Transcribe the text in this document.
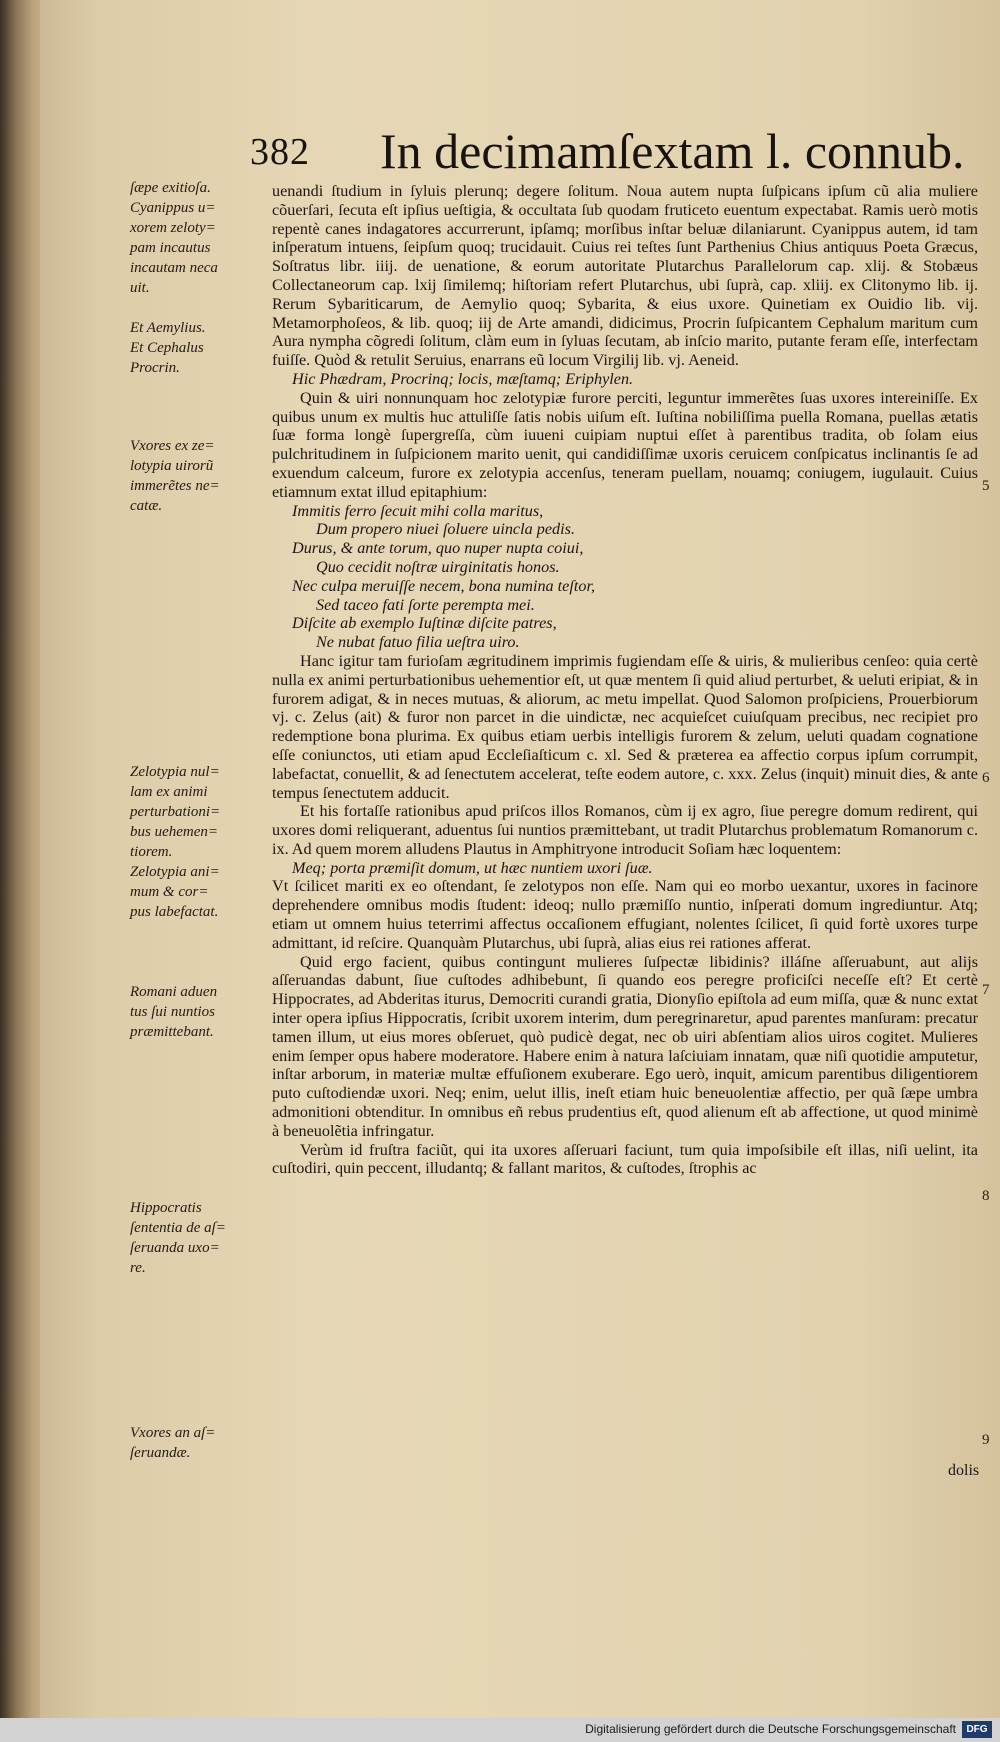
382 In decimamſextam l. connub.
ſæpe exitioſa.
Cyanippus u=
xorem zeloty=
pam incautus
incautam neca
uit.
Et Aemylius.
Et Cephalus
Procrin.
Vxores ex ze=
lotypia uirorũ
immerẽtes ne=
catæ.
Zelotypia nul=
lam ex animi
perturbationi=
bus uehemen=
tiorem.
Zelotypia ani=
mum & cor=
pus labefactat.
Romani aduen
tus ſui nuntios
præmittebant.
Hippocratis
ſententia de aſ=
ſeruanda uxo=
re.
Vxores an aſ=
ſeruandæ.

uenandi ſtudium in ſyluis plerunq; degere ſolitum. Noua autem nupta ſuſpicans ipſum cũ alia muliere cõuerſari, ſecuta eſt ipſius ueſtigia, & occultata ſub quodam fruticeto euentum expectabat. Ramis uerò motis repentè canes indagatores accurrerunt, ipſamq; morſibus inſtar beluæ dilaniarunt. Cyanippus autem, id tam inſperatum intuens, ſeipſum quoq; trucidauit. Cuius rei teſtes ſunt Parthenius Chius antiquus Poeta Græcus, Soſtratus libr. iiij. de uenatione, & eorum autoritate Plutarchus Parallelorum cap. xlij. & Stobæus Collectaneorum cap. lxij ſimilemq; hiſtoriam refert Plutarchus, ubi ſuprà, cap. xliij. ex Clitonymo lib. ij. Rerum Sybariticarum, de Aemylio quoq; Sybarita, & eius uxore. Quinetiam ex Ouidio lib. vij. Metamorphoſeos, & lib. quoq; iij de Arte amandi, didicimus, Procrin ſuſpicantem Cephalum maritum cum Aura nympha cõgredi ſolitum, clàm eum in ſyluas ſecutam, ab inſcio marito, putante feram eſſe, interfectam fuiſſe. Quòd & retulit Seruius, enarrans eũ locum Virgilij lib. vj. Aeneid.

Hic Phædram, Procrinq; locis, mæſtamq; Eriphylen.

Quin & uiri nonnunquam hoc zelotypiæ furore perciti, leguntur immerẽtes ſuas uxores intereiniſſe. Ex quibus unum ex multis huc attuliſſe ſatis nobis uiſum eſt. Iuſtina nobiliſſima puella Romana, puellas ætatis ſuæ forma longè ſupergreſſa, cùm iuueni cuipiam nuptui eſſet à parentibus tradita, ob ſolam eius pulchritudinem in ſuſpicionem marito uenit, qui candidiſſimæ uxoris ceruicem conſpicatus inclinantis ſe ad exuendum calceum, furore ex zelotypia accenſus, teneram puellam, nouamq; coniugem, iugulauit. Cuius etiamnum extat illud epitaphium:

Immitis ferro ſecuit mihi colla maritus,

Dum propero niuei ſoluere uincla pedis.

Durus, & ante torum, quo nuper nupta coiui,

Quo cecidit noſtræ uirginitatis honos.

Nec culpa meruiſſe necem, bona numina teſtor,

Sed taceo fati ſorte perempta mei.

Diſcite ab exemplo Iuſtinæ diſcite patres,

Ne nubat fatuo filia ueſtra uiro.

Hanc igitur tam furioſam ægritudinem imprimis fugiendam eſſe & uiris, & mulieribus cenſeo: quia certè nulla ex animi perturbationibus uehementior eſt, ut quæ mentem ſi quid aliud perturbet, & ueluti eripiat, & in furorem adigat, & in neces mutuas, & aliorum, ac metu impellat. Quod Salomon proſpiciens, Prouerbiorum vj. c. Zelus (ait) & furor non parcet in die uindictæ, nec acquieſcet cuiuſquam precibus, nec recipiet pro redemptione bona plurima. Ex quibus etiam uerbis intelligis furorem & zelum, ueluti quadam cognatione eſſe coniunctos, uti etiam apud Eccleſiaſticum c. xl. Sed & præterea ea affectio corpus ipſum corrumpit, labefactat, conuellit, & ad ſenectutem accelerat, teſte eodem autore, c. xxx. Zelus (inquit) minuit dies, & ante tempus ſenectutem adducit.

Et his fortaſſe rationibus apud priſcos illos Romanos, cùm ij ex agro, ſiue peregre domum redirent, qui uxores domi reliquerant, aduentus ſui nuntios præmittebant, ut tradit Plutarchus problematum Romanorum c. ix. Ad quem morem alludens Plautus in Amphitryone introducit Soſiam hæc loquentem:

Meq; porta præmiſit domum, ut hæc nuntiem uxori ſuæ.

Vt ſcilicet mariti ex eo oſtendant, ſe zelotypos non eſſe. Nam qui eo morbo uexantur, uxores in facinore deprehendere omnibus modis ſtudent: ideoq; nullo præmiſſo nuntio, inſperati domum ingrediuntur. Atq; etiam ut omnem huius teterrimi affectus occaſionem effugiant, nolentes ſcilicet, ſi quid fortè uxores turpe admittant, id reſcire. Quanquàm Plutarchus, ubi ſuprà, alias eius rei rationes afferat.

Quid ergo facient, quibus contingunt mulieres ſuſpectæ libidinis? illáſne aſſeruabunt, aut alijs aſſeruandas dabunt, ſiue cuſtodes adhibebunt, ſi quando eos peregre proficiſci neceſſe eſt? Et certè Hippocrates, ad Abderitas iturus, Democriti curandi gratia, Dionyſio epiſtola ad eum miſſa, quæ & nunc extat inter opera ipſius Hippocratis, ſcribit uxorem interim, dum peregrinaretur, apud parentes manſuram: precatur tamen illum, ut eius mores obſeruet, quò pudicè degat, nec ob uiri abſentiam alios uiros cogitet. Mulieres enim ſemper opus habere moderatore. Habere enim à natura laſciuiam innatam, quæ niſi quotidie amputetur, inſtar arborum, in materiæ multæ effuſionem exuberare. Ego uerò, inquit, amicum parentibus diligentiorem puto cuſtodiendæ uxori. Neq; enim, uelut illis, ineſt etiam huic beneuolentiæ affectio, per quã ſæpe umbra admonitioni obtenditur. In omnibus eñ rebus prudentius eſt, quod alienum eſt ab affectione, ut quod minimè à beneuolẽtia infringatur.

Verùm id fruſtra faciũt, qui ita uxores aſſeruari faciunt, tum quia impoſsibile eſt illas, niſi uelint, ita cuſtodiri, quin peccent, illudantq; & fallant maritos, & cuſtodes, ſtrophis ac

5
6
7
8
9
dolis
Digitalisierung gefördert durch die Deutsche Forschungsgemeinschaft	DFG
